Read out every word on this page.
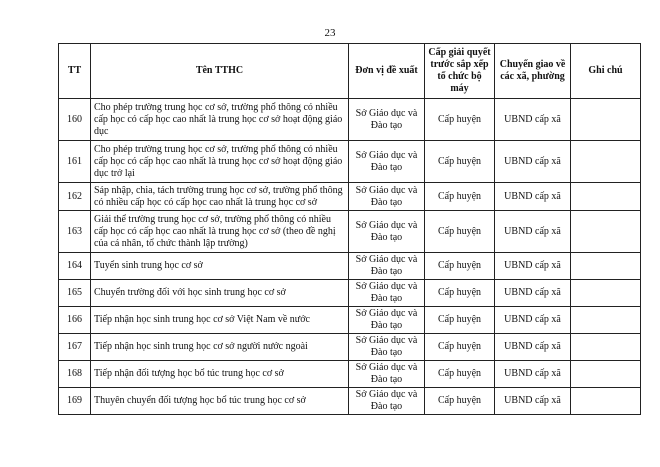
23
TT	Tên TTHC	Đơn vị đề xuất	Cấp giải quyết trước sắp xếp tổ chức bộ máy	Chuyển giao về các xã, phường	Ghi chú
160	Cho phép trường trung học cơ sở, trường phổ thông có nhiều cấp học có cấp học cao nhất là trung học cơ sở hoạt động giáo dục	Sở Giáo dục và Đào tạo	Cấp huyện	UBND cấp xã	
161	Cho phép trường trung học cơ sở, trường phổ thông có nhiều cấp học có cấp học cao nhất là trung học cơ sở hoạt động giáo dục trở lại	Sở Giáo dục và Đào tạo	Cấp huyện	UBND cấp xã	
162	Sáp nhập, chia, tách trường trung học cơ sở, trường phổ thông có nhiều cấp học có cấp học cao nhất là trung học cơ sở	Sở Giáo dục và Đào tạo	Cấp huyện	UBND cấp xã	
163	Giải thể trường trung học cơ sở, trường phổ thông có nhiều cấp học có cấp học cao nhất là trung học cơ sở (theo đề nghị của cá nhân, tổ chức thành lập trường)	Sở Giáo dục và Đào tạo	Cấp huyện	UBND cấp xã	
164	Tuyển sinh trung học cơ sở	Sở Giáo dục và Đào tạo	Cấp huyện	UBND cấp xã	
165	Chuyển trường đối với học sinh trung học cơ sở	Sở Giáo dục và Đào tạo	Cấp huyện	UBND cấp xã	
166	Tiếp nhận học sinh trung học cơ sở Việt Nam về nước	Sở Giáo dục và Đào tạo	Cấp huyện	UBND cấp xã	
167	Tiếp nhận học sinh trung học cơ sở người nước ngoài	Sở Giáo dục và Đào tạo	Cấp huyện	UBND cấp xã	
168	Tiếp nhận đối tượng học bổ túc trung học cơ sở	Sở Giáo dục và Đào tạo	Cấp huyện	UBND cấp xã	
169	Thuyên chuyển đối tượng học bổ túc trung học cơ sở	Sở Giáo dục và Đào tạo	Cấp huyện	UBND cấp xã	
